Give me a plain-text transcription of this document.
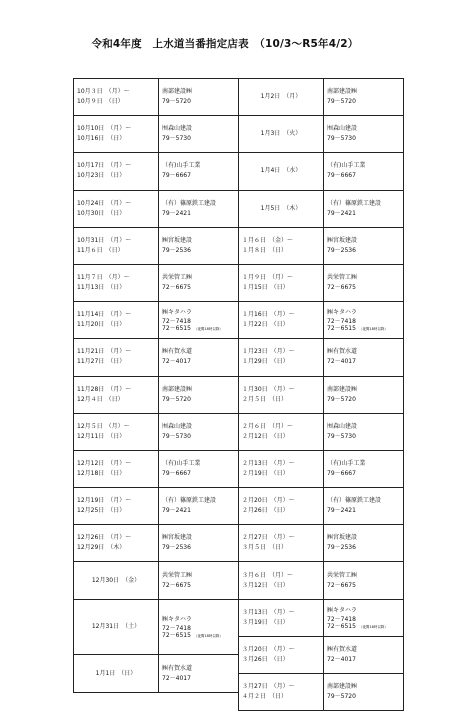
令和4年度　上水道当番指定店表　（10/3～R5年4/2）
10月３日　（月）～
10月９日　（日）	南部建設㈱
79－5720	1月2日　（月）	南部建設㈱
79－5720

10月10日　（月）～
10月16日　（日）	㈲森山建設
79－5730	1月3日　（火）	㈲森山建設
79－5730

10月17日　（月）～
10月23日　（日）	（有)山手工業
79－6667	1月4日　（水）	（有)山手工業
79－6667

10月24日　（月）～
10月30日　（日）	（有）篠原鉄工建設
79－2421	1月5日　（木）	（有）篠原鉄工建設
79－2421

10月31日　（月）～
11月６日　（日）	㈱宮坂建設
79－2536	１月６日　（金）～
１月８日　（日）	㈱宮坂建設
79－2536

11月７日　（月）～
11月13日　（日）	共栄管工㈱
72－6675	１月９日　（月）～
１月15日　（日）	共栄管工㈱
72－6675

11月14日　（月）～
11月20日　（日）	㈱キタハラ
72－7418
72－6515 （夜間18時以降）	１月16日　（月）～
１月22日　（日）	㈱キタハラ
72－7418
72－6515 （夜間18時以降）

11月21日　（月）～
11月27日　（日）	㈱有賀水道
72－4017	１月23日　（月）～
１月29日　（日）	㈱有賀水道
72－4017

11月28日　（月）～
12月４日　（日）	南部建設㈱
79－5720	１月30日　（月）～
２月５日　（日）	南部建設㈱
79－5720

12月５日　（月）～
12月11日　（日）	㈲森山建設
79－5730	２月６日　（月）～
２月12日　（日）	㈲森山建設
79－5730

12月12日　（月）～
12月18日　（日）	（有)山手工業
79－6667	２月13日　（月）～
２月19日　（日）	（有)山手工業
79－6667

12月19日　（月）～
12月25日　（日）	（有）篠原鉄工建設
79－2421	２月20日　（月）～
２月26日　（日）	（有）篠原鉄工建設
79－2421

12月26日　（月）～
12月29日　（木）	㈱宮坂建設
79－2536	２月27日　（月）～
３月５日　（日）	㈱宮坂建設
79－2536

12月30日　（金）	共栄管工㈱
72－6675	３月６日　（月）～
３月12日　（日）	共栄管工㈱
72－6675

12月31日　（土）	㈱キタハラ
72－7418
72－6515 （夜間18時以降）	３月13日　（月）～
３月19日　（日）	㈱キタハラ
72－7418
72－6515 （夜間18時以降）

		３月20日　（月）～
３月26日　（日）	㈱有賀水道
72－4017

1月1日　（日）	㈱有賀水道
72－4017		

		３月27日　（月）～
４月２日　（日）	南部建設㈱
79－5720
